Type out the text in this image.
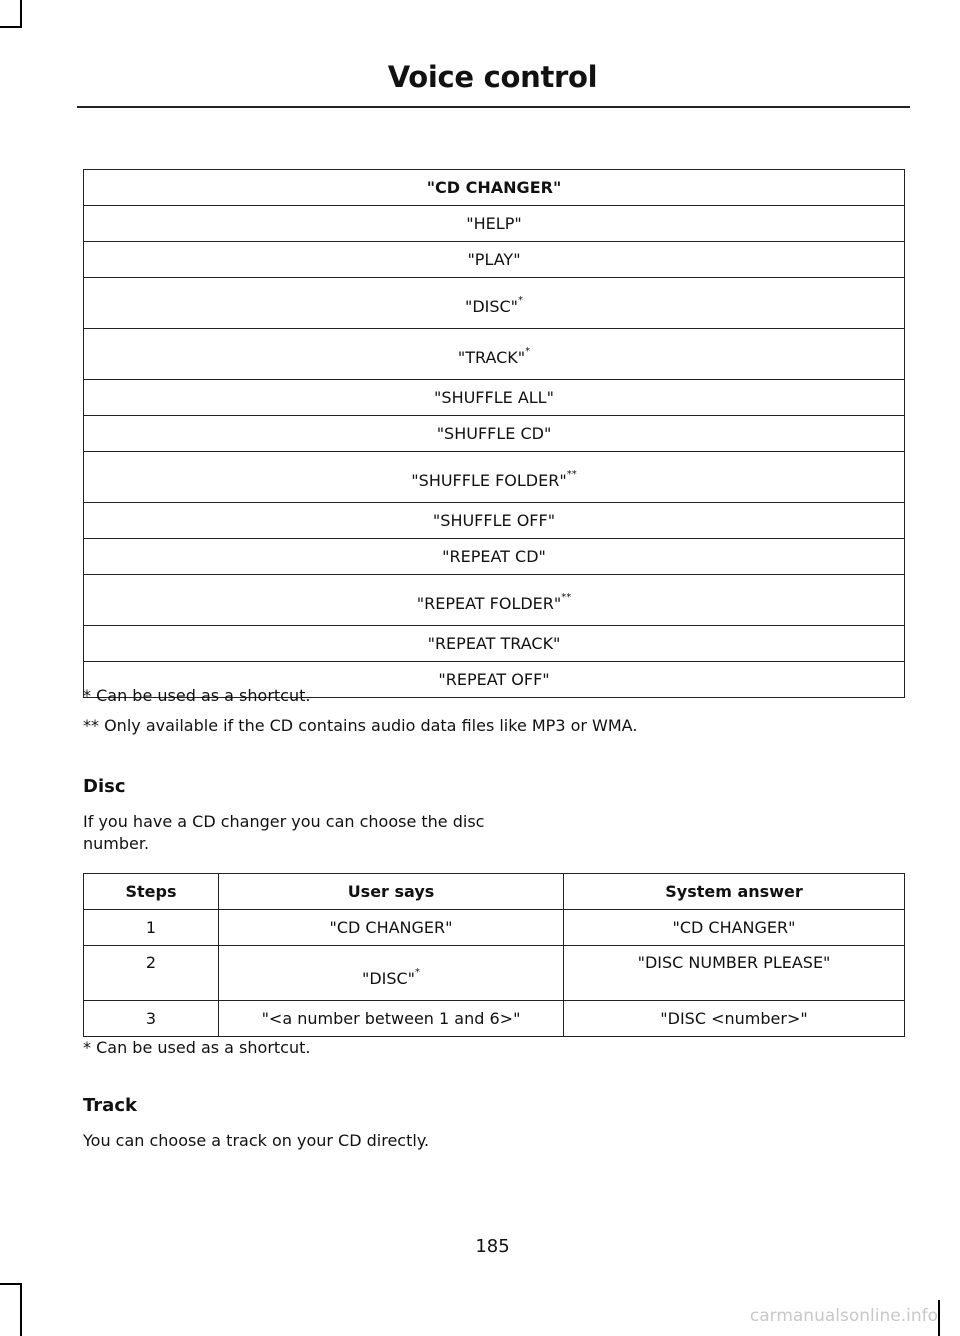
Voice control
"CD CHANGER"
"HELP"
"PLAY"
"DISC"*
"TRACK"*
"SHUFFLE ALL"
"SHUFFLE CD"
"SHUFFLE FOLDER"**
"SHUFFLE OFF"
"REPEAT CD"
"REPEAT FOLDER"**
"REPEAT TRACK"
"REPEAT OFF"
* Can be used as a shortcut.
** Only available if the CD contains audio data files like MP3 or WMA.
Disc
If you have a CD changer you can choose the disc number.
Steps	User says	System answer
1	"CD CHANGER"	"CD CHANGER"
2	"DISC"*	"DISC NUMBER PLEASE"
3	"<a number between 1 and 6>"	"DISC <number>"
* Can be used as a shortcut.
Track
You can choose a track on your CD directly.
185
carmanualsonline.info
